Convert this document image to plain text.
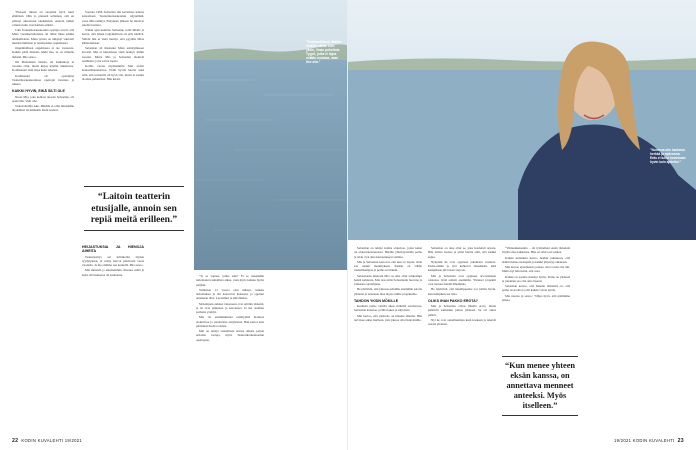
“Ensaala minua on suojellut hyvä tuuri elämässä. Olin jo pienenä sellainen, että en päässyt oikeastaan takakäsissä. Annoin niiden valaista kuin vesi hanhen selästä.

Joku Teatterikorkeakoulun opettaja arveli, että Mian vuosikurssilaisista oli tullut lähes kaikki ammattilaisia. Mian työssä on näkynyt vahvasti muiden ihmisten ja taitelijoiden oppimisesta.

Ongelmallisen ongelmasta ei ole vastausta. Kaikki pitää muistaa tehdä itse, se on minulle tärkeää, Mia sanoo.

Oli Madalaisin tanssia, eli hankintoja ei vuosina ollut, mutta kirjaa käytiin lukemassa. Kommentoi siitä olipa kuka tahansa.

Kommentoi oli opettajina Teatterikorkeakoulussa opettajia Juonissa ja tukena.

KAIKKI HYVIN, EIKÄ SILTI OLE

Nuori Mia, joka kohtasi nuoren Sebastian, oli teatterilla. Vaiti olle.

Videotaiteilija Aku. Mikään ei ollut mitenkään täydellistä tai minkään. Kuin teatteri.

Vuonna 1996 Sebastian tuli kaverinsa kanssa katsomaan Teatterikorkeakoulun näytelmää, jossa Mia esiintyi. Esityksen jälkeen he alkoivat jutella baarissa.

Vähän ajan kuluttua Sebastian soitti Mialle ja kertoi, että hänen työpaikallaan oli eräs tehtävä. Silloin hän ei vielä tiennyt, että pyytäisi Miaa kihlautumaan.

Sebastian oli ihastunut Mian esiintymiseen kovasti. Mia ei kuitenkaan vielä tiennyt, mihin suostui. Mutta Mia ja Sebastian menivät naimisiin, ja he saivat lapsia.

Kolme vuotta myöhemmin Mia aloitti Kansallisteatterissa. Pidin hyvää huolta sekä siitä, että teatterilla oli hyvä olla, mutta ei saanut aloittaa puhumista. Hän kertoi.

“Laitoin teatterin etusijalle, annoin sen repiä meitä erilleen.”
HEIJASTUKSIA JA HIENOJA AIHEITA

Teatteriesitys sai kriitikoilta täyden tyydytyksen, ja esitys kasvoi jatkuvasti vuosi vuodelta. Ja me olimme sen keskellä. Mia sanoo.

Mia muisteli jo aikaisemmin olleensa esillä ja koki, että kaikessa oli kauneutta.

”Ensimmäisenä lähtisin mökille vähän kuin yksin, ilman puhelinta. Tyypit, jotka ei tajua mitään mukana, vaan itse olla.”

”Ja se vapaus, jonka sain? Et se tietenkään tarkoitanut rauhallista aikaa, vaan myös kuinka hyvin pärjään.

Viimeiset 15 vuotta olen nähnyt, kuinka tarkoitukset ja ilot kasvoivat kanssani, ja oppinut antamaan tilaa. Luottamus ja kiitollisuus.

Molempien suhteet taiteeseen ovat erittäin tärkeitä, ja ne ovat jatkuneet ja kasvaneet. Ja me olemme parhaita ystäviä.

Mia oli ensimmäisenä esiintyjänä monissa elokuvissa ja suosituissa esityksissä. Hän kertoi aina pitävänsä huolta toisista.

Mia on tehnyt taiteellisen uransa aikana paljon erilaisia rooleja, myös Teatterikorkeakoulun opettajana.

22 KODIN KUVALEHTI 19/2021
”Nuorena olin kauhean herkkä ja epävarma. Eräs ei tullut kovinkaan hyvin kuin ajatellut.”

Sebastian on tehnyt kolme elokuvaa, joista kaksi on elokuvateattereissa. Heidän yhteistyössään perhe ja taide ovat aina kietoutuneet toisiinsa.

Mia ja Sebastian kertovat, että kun on lapsia, taide saa uuden merkityksen. Kaikki on vähän rauhallisempaa ja perhe on tärkein.

Sebastianin mielestä Mia on aina ollut rohkeampi heistä kahdesta. Mia taas pitää Sebastiania luovana ja rohkeana ajattelijana.

He päättivät, että jatkossa tehdään enemmän asioita yhdessä ja annetaan tilaa myös omille projekteille.

TAHDON YKSIN MÖKILLE

Kesäisin perhe viettää aikaa mökillä saaristossa. Sebastian kalastaa, ja Mia lukee ja kirjoittaa.

Mia kertoo, että yksinolo on hänelle tärkeää. Hän tarvitsee aikaa itselleen, jotta jaksaa olla läsnä muille.

Sebastian on aina ollut se, joka huolehtii arjesta. Hän laittaa ruokaa ja pitää huolta siitä, että kaikki sujuu.

Nykyään he ovat oppineet jakamaan vastuuta. Perhe-elämä ja työt kulkevat rinnakkain, eikä kumpikaan jää toisen varjoon.

Mia ja Sebastian ovat oppineet arvostamaan toistensa työtä entistä enemmän. Yhteiset projektit ovat tuoneet heidät lähemmäs.

He näyttävät, että taiteilijaperhe voi toimia hyvin, kun kumpikin saa tilaa.

OLIKS IHAN PAKKO EROTA?

Mia ja Sebastian olivat lähellä erota, mutta päättivät kuitenkin jatkaa yhdessä. Se oli oikea päätös.

Nyt he ovat onnellisempia kuin koskaan ja tekevät asioita yhdessä.

”Viimeaikaisuutta – oli tyttärelleni ensin tärkeintä löytää oma paikkansa. Hän on ollut tosi rohkea.

Kaikki kuitenkin kertoo heidän puhuneen, että elämä menee eteenpäin ja kaikki järjestyy aikanaan.

Mia kertoo ajatelleensa joskus, ettei osaisi olla äiti. Mutta nyt hän tietää, että osaa.

Kaikki on lopulta mennyt hyvin. Perhe on yhdessä ja jokainen saa olla oma itsensä.

Sebastian kertoo, että hänelle tärkeintä on, että perhe on koolla ja että kaikki voivat hyvin.

Mia nauraa ja sanoo: ”Olipa hyvä, että päätimme jatkaa.

“Kun menee yhteen eksän kanssa, on annettava menneet anteeksi. Myös itselleen.”
19/2021 KODIN KUVALEHTI 23
